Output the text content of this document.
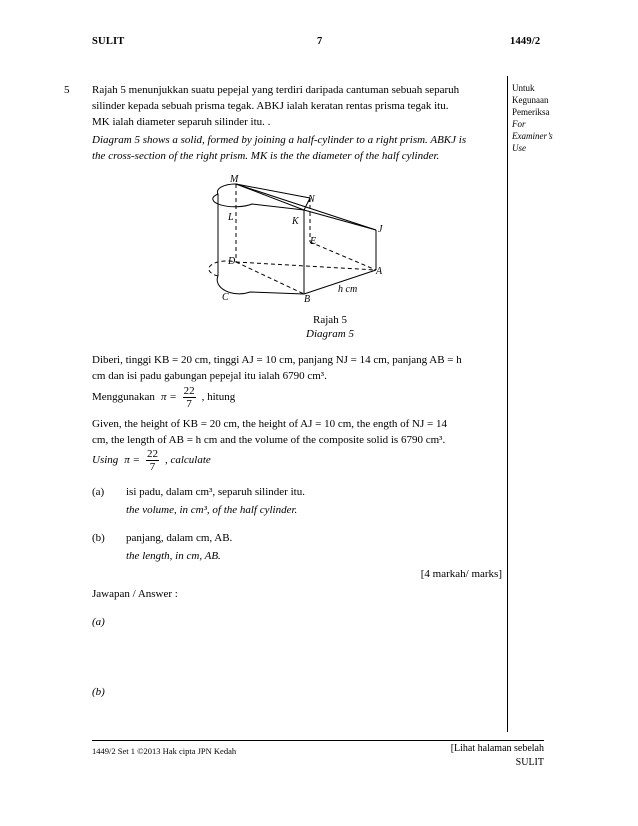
SULIT	7	1449/2
Untuk
Kegunaan
Pemeriksa
For
Examiner’s
Use
5 Rajah 5 menunjukkan suatu pepejal yang terdiri daripada cantuman sebuah separuh
silinder kepada sebuah prisma tegak. ABKJ ialah keratan rentas prisma tegak itu.
MK ialah diameter separuh silinder itu. .
Diagram 5 shows a solid, formed by joining a half-cylinder to a right prism. ABKJ is
the cross-section of the right prism. MK is the the diameter of the half cylinder.
M
N
L	K
J
E
D
A
C	B
h cm
Rajah 5
Diagram 5
Diberi, tinggi KB = 20 cm, tinggi AJ = 10 cm, panjang NJ = 14 cm, panjang AB = h
cm dan isi padu gabungan pepejal itu ialah 6790 cm³.
Menggunakan $\pi = \frac{22}{7}$ , hitung
Given, the height of KB = 20 cm, the height of AJ = 10 cm, the ength of NJ = 14
cm, the length of AB = h cm and the volume of the composite solid is 6790 cm³.
Using $\pi = \frac{22}{7}$ , calculate
(a) isi padu, dalam cm³, separuh silinder itu.
the volume, in cm³, of the half cylinder.
(b) panjang, dalam cm, AB.
the length, in cm, AB.
[4 markah/ marks]
Jawapan / Answer :
(a)
(b)
1449/2 Set 1 ©2013 Hak cipta JPN Kedah	[Lihat halaman sebelah
SULIT
